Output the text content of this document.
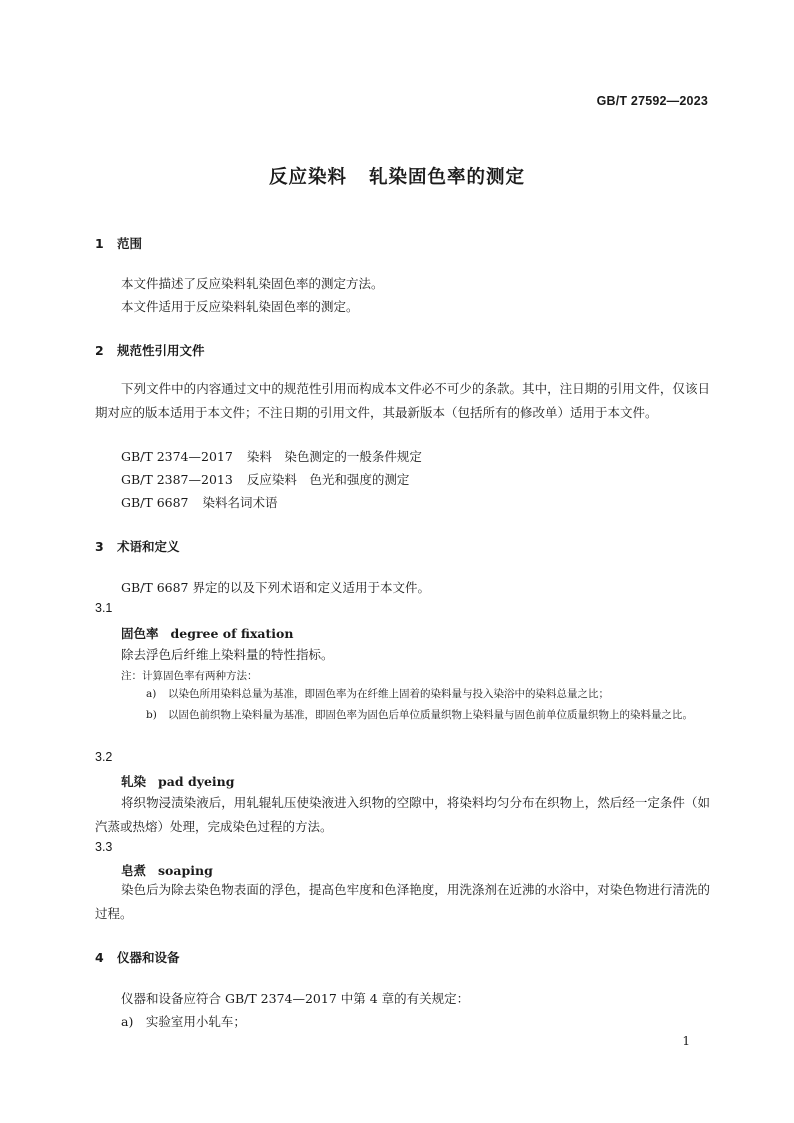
GB/T 27592—2023
反应染料 轧染固色率的测定
1 范围
本文件描述了反应染料轧染固色率的测定方法。
本文件适用于反应染料轧染固色率的测定。
2 规范性引用文件
下列文件中的内容通过文中的规范性引用而构成本文件必不可少的条款。其中，注日期的引用文件，仅该日期对应的版本适用于本文件；不注日期的引用文件，其最新版本（包括所有的修改单）适用于本文件。
GB/T 2374—2017 染料　染色测定的一般条件规定
GB/T 2387—2013 反应染料　色光和强度的测定
GB/T 6687 染料名词术语
3 术语和定义
GB/T 6687 界定的以及下列术语和定义适用于本文件。
3.1
固色率 degree of fixation
除去浮色后纤维上染料量的特性指标。
注：计算固色率有两种方法：
a)	以染色所用染料总量为基准，即固色率为在纤维上固着的染料量与投入染浴中的染料总量之比；
b)	以固色前织物上染料量为基准，即固色率为固色后单位质量织物上染料量与固色前单位质量织物上的染料量之比。
3.2
轧染 pad dyeing
将织物浸渍染液后，用轧辊轧压使染液进入织物的空隙中，将染料均匀分布在织物上，然后经一定条件（如汽蒸或热熔）处理，完成染色过程的方法。
3.3
皂煮 soaping
染色后为除去染色物表面的浮色，提高色牢度和色泽艳度，用洗涤剂在近沸的水浴中，对染色物进行清洗的过程。
4 仪器和设备
仪器和设备应符合 GB/T 2374—2017 中第 4 章的有关规定：
a)　实验室用小轧车；
1
